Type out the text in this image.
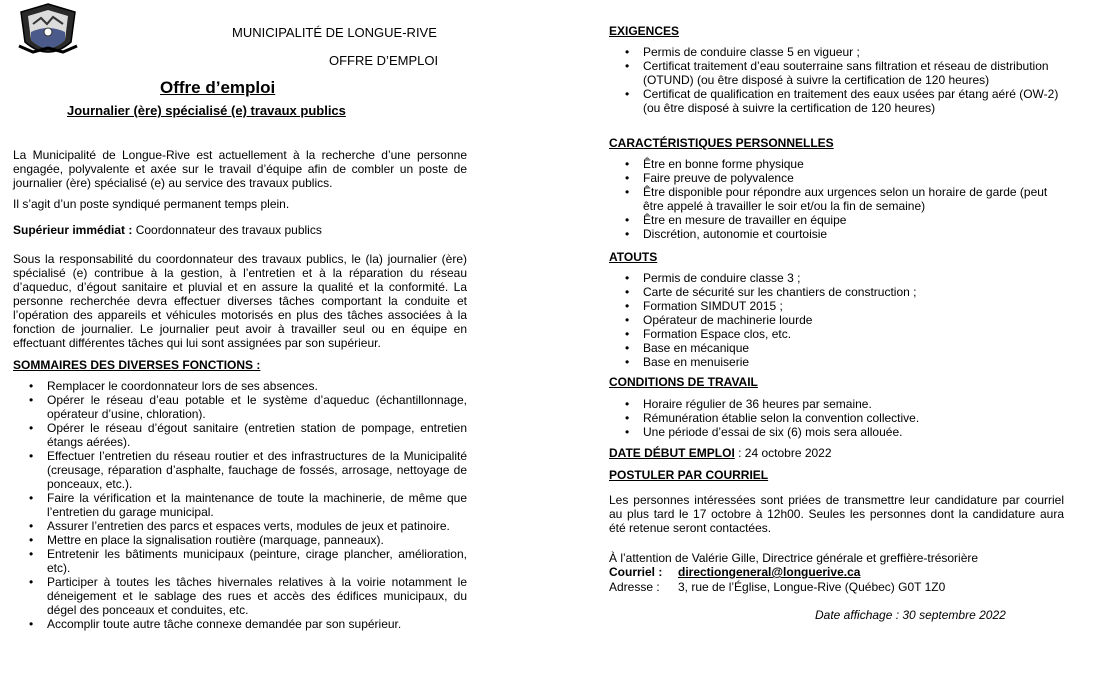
MUNICIPALITÉ DE LONGUE-RIVE
OFFRE D’EMPLOI
Offre d’emploi
Journalier (ère) spécialisé (e) travaux publics

La Municipalité de Longue-Rive est actuellement à la recherche d’une personne engagée, polyvalente et axée sur le travail d’équipe afin de combler un poste de journalier (ère) spécialisé (e) au service des travaux publics.

Il s’agit d’un poste syndiqué permanent temps plein.

Supérieur immédiat : Coordonnateur des travaux publics

Sous la responsabilité du coordonnateur des travaux publics, le (la) journalier (ère) spécialisé (e) contribue à la gestion, à l’entretien et à la réparation du réseau d’aqueduc, d’égout sanitaire et pluvial et en assure la qualité et la conformité. La personne recherchée devra effectuer diverses tâches comportant la conduite et l’opération des appareils et véhicules motorisés en plus des tâches associées à la fonction de journalier. Le journalier peut avoir à travailler seul ou en équipe en effectuant différentes tâches qui lui sont assignées par son supérieur.

SOMMAIRES DES DIVERSES FONCTIONS :

• Remplacer le coordonnateur lors de ses absences.
• Opérer le réseau d’eau potable et le système d’aqueduc (échantillonnage, opérateur d’usine, chloration).
• Opérer le réseau d’égout sanitaire (entretien station de pompage, entretien étangs aérées).
• Effectuer l’entretien du réseau routier et des infrastructures de la Municipalité (creusage, réparation d’asphalte, fauchage de fossés, arrosage, nettoyage de ponceaux, etc.).
• Faire la vérification et la maintenance de toute la machinerie, de même que l’entretien du garage municipal.
• Assurer l’entretien des parcs et espaces verts, modules de jeux et patinoire.
• Mettre en place la signalisation routière (marquage, panneaux).
• Entretenir les bâtiments municipaux (peinture, cirage plancher, amélioration, etc).
• Participer à toutes les tâches hivernales relatives à la voirie notamment le déneigement et le sablage des rues et accès des édifices municipaux, du dégel des ponceaux et conduites, etc.
• Accomplir toute autre tâche connexe demandée par son supérieur.

EXIGENCES

• Permis de conduire classe 5 en vigueur ;
• Certificat traitement d’eau souterraine sans filtration et réseau de distribution (OTUND) (ou être disposé à suivre la certification de 120 heures)
• Certificat de qualification en traitement des eaux usées par étang aéré (OW-2) (ou être disposé à suivre la certification de 120 heures)

CARACTÉRISTIQUES PERSONNELLES

• Être en bonne forme physique
• Faire preuve de polyvalence
• Être disponible pour répondre aux urgences selon un horaire de garde (peut être appelé à travailler le soir et/ou la fin de semaine)
• Être en mesure de travailler en équipe
• Discrétion, autonomie et courtoisie

ATOUTS

• Permis de conduire classe 3 ;
• Carte de sécurité sur les chantiers de construction ;
• Formation SIMDUT 2015 ;
• Opérateur de machinerie lourde
• Formation Espace clos, etc.
• Base en mécanique
• Base en menuiserie

CONDITIONS DE TRAVAIL

• Horaire régulier de 36 heures par semaine.
• Rémunération établie selon la convention collective.
• Une période d’essai de six (6) mois sera allouée.

DATE DÉBUT EMPLOI : 24 octobre 2022

POSTULER PAR COURRIEL

Les personnes intéressées sont priées de transmettre leur candidature par courriel au plus tard le 17 octobre à 12h00. Seules les personnes dont la candidature aura été retenue seront contactées.

À l’attention de Valérie Gille, Directrice générale et greffière-trésorière

Courriel : directiongeneral@longuerive.ca

Adresse : 3, rue de l’Église, Longue-Rive (Québec) G0T 1Z0

Date affichage : 30 septembre 2022
